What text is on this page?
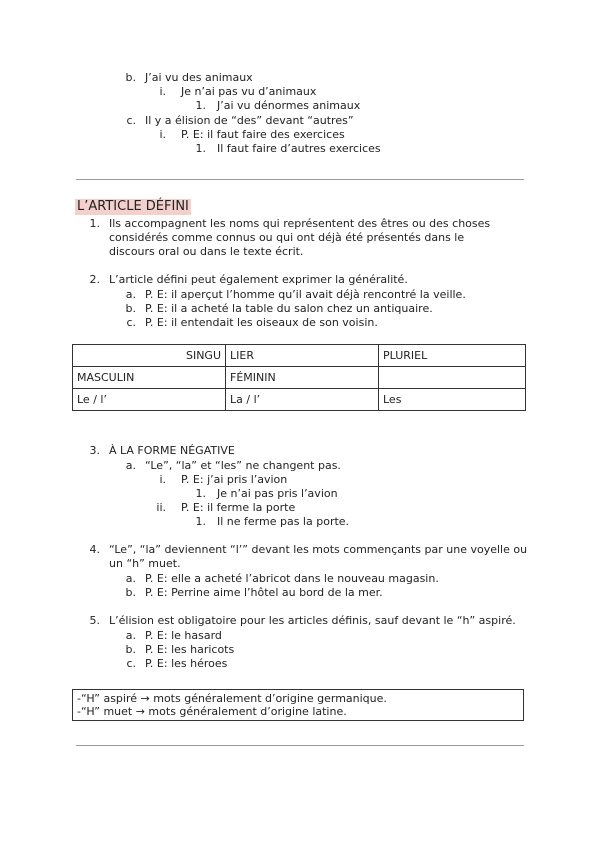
b. J’ai vu des animaux
i. Je n’ai pas vu d’animaux
1. J’ai vu dénormes animaux
c. Il y a élision de “des” devant “autres”
i. P. E: il faut faire des exercices
1. Il faut faire d’autres exercices
L’ARTICLE DÉFINI
1. Ils accompagnent les noms qui représentent des êtres ou des choses
considérés comme connus ou qui ont déjà été présentés dans le
discours oral ou dans le texte écrit.
2. L’article défini peut également exprimer la généralité.
a. P. E: il aperçut l’homme qu’il avait déjà rencontré la veille.
b. P. E: il a acheté la table du salon chez un antiquaire.
c. P. E: il entendait les oiseaux de son voisin.
SINGU	LIER	PLURIEL
MASCULIN	FÉMININ	
Le / l’	La / l’	Les
3. À LA FORME NÉGATIVE
a. “Le”, “la” et “les” ne changent pas.
i. P. E: j’ai pris l’avion
1. Je n’ai pas pris l’avion
ii. P. E: il ferme la porte
1. Il ne ferme pas la porte.
4. “Le”, “la” deviennent “l’” devant les mots commençants par une voyelle ou
un “h” muet.
a. P. E: elle a acheté l’abricot dans le nouveau magasin.
b. P. E: Perrine aime l’hôtel au bord de la mer.
5. L’élision est obligatoire pour les articles définis, sauf devant le “h” aspiré.
a. P. E: le hasard
b. P. E: les haricots
c. P. E: les héroes
-“H” aspiré → mots généralement d’origine germanique.
-“H” muet → mots généralement d’origine latine.
